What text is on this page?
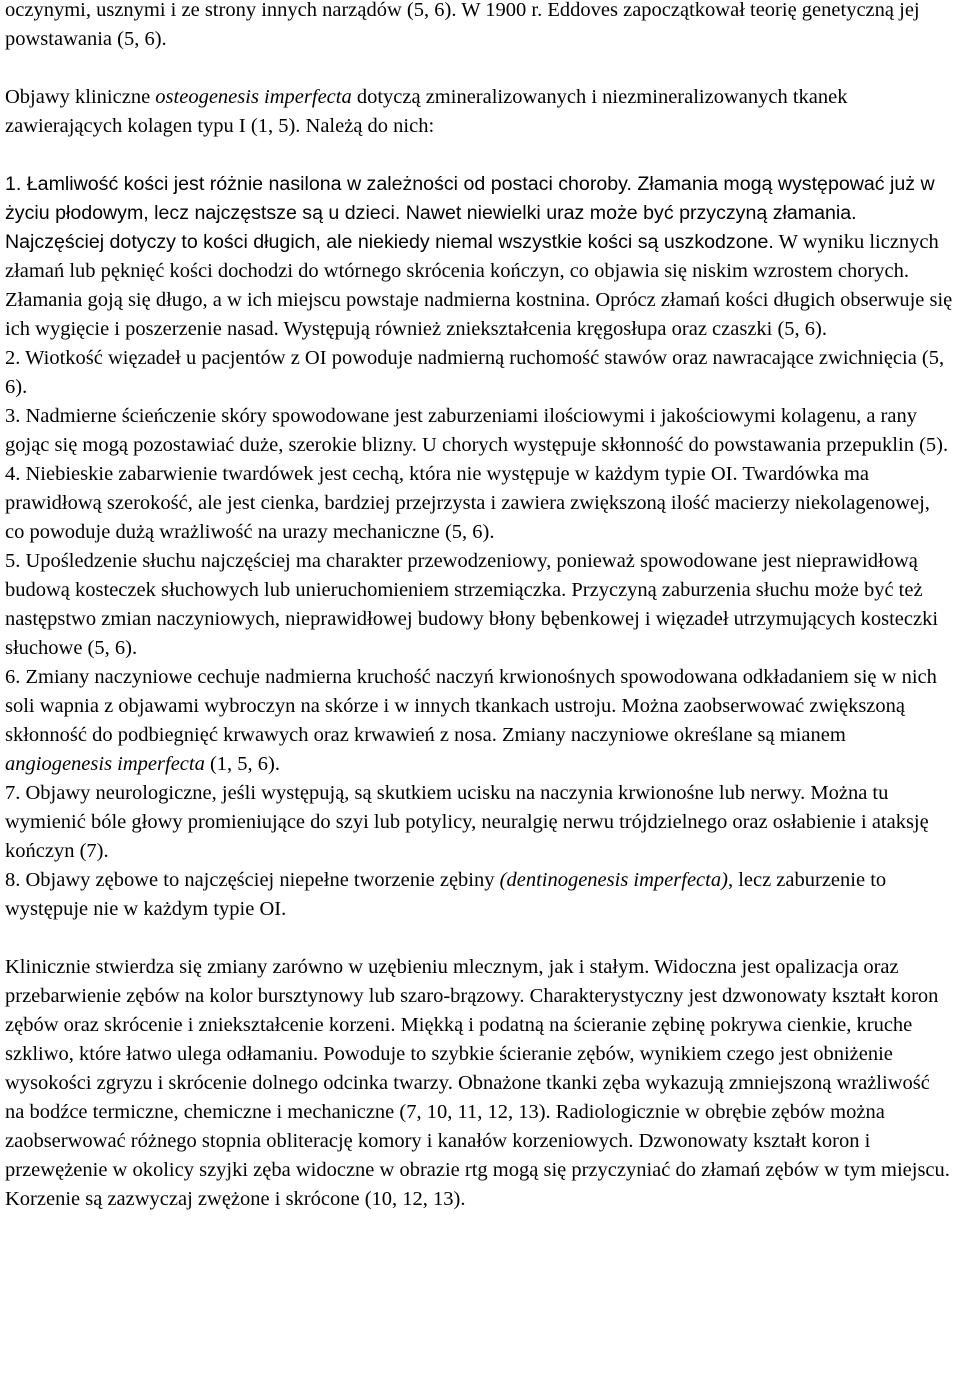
oczynymi, usznymi i ze strony innych narządów (5, 6). W 1900 r. Eddoves zapoczątkował teorię genetyczną jej powstawania (5, 6).

Objawy kliniczne osteogenesis imperfecta dotyczą zmineralizowanych i niezmineralizowanych tkanek zawierających kolagen typu I (1, 5). Należą do nich:

1. Łamliwość kości jest różnie nasilona w zależności od postaci choroby. Złamania mogą występować już w życiu płodowym, lecz najczęstsze są u dzieci. Nawet niewielki uraz może być przyczyną złamania. Najczęściej dotyczy to kości długich, ale niekiedy niemal wszystkie kości są uszkodzone. W wyniku licznych złamań lub pęknięć kości dochodzi do wtórnego skrócenia kończyn, co objawia się niskim wzrostem chorych. Złamania goją się długo, a w ich miejscu powstaje nadmierna kostnina. Oprócz złamań kości długich obserwuje się ich wygięcie i poszerzenie nasad. Występują również zniekształcenia kręgosłupa oraz czaszki (5, 6).

2. Wiotkość więzadeł u pacjentów z OI powoduje nadmierną ruchomość stawów oraz nawracające zwichnięcia (5, 6).

3. Nadmierne ścieńczenie skóry spowodowane jest zaburzeniami ilościowymi i jakościowymi kolagenu, a rany gojąc się mogą pozostawiać duże, szerokie blizny. U chorych występuje skłonność do powstawania przepuklin (5).

4. Niebieskie zabarwienie twardówek jest cechą, która nie występuje w każdym typie OI. Twardówka ma prawidłową szerokość, ale jest cienka, bardziej przejrzysta i zawiera zwiększoną ilość macierzy niekolagenowej, co powoduje dużą wrażliwość na urazy mechaniczne (5, 6).

5. Upośledzenie słuchu najczęściej ma charakter przewodzeniowy, ponieważ spowodowane jest nieprawidłową budową kosteczek słuchowych lub unieruchomieniem strzemiączka. Przyczyną zaburzenia słuchu może być też następstwo zmian naczyniowych, nieprawidłowej budowy błony bębenkowej i więzadeł utrzymujących kosteczki słuchowe (5, 6).

6. Zmiany naczyniowe cechuje nadmierna kruchość naczyń krwionośnych spowodowana odkładaniem się w nich soli wapnia z objawami wybroczyn na skórze i w innych tkankach ustroju. Można zaobserwować zwiększoną skłonność do podbiegnięć krwawych oraz krwawień z nosa. Zmiany naczyniowe określane są mianem angiogenesis imperfecta (1, 5, 6).

7. Objawy neurologiczne, jeśli występują, są skutkiem ucisku na naczynia krwionośne lub nerwy. Można tu wymienić bóle głowy promieniujące do szyi lub potylicy, neuralgię nerwu trójdzielnego oraz osłabienie i ataksję kończyn (7).

8. Objawy zębowe to najczęściej niepełne tworzenie zębiny (dentinogenesis imperfecta), lecz zaburzenie to występuje nie w każdym typie OI.

Klinicznie stwierdza się zmiany zarówno w uzębieniu mlecznym, jak i stałym. Widoczna jest opalizacja oraz przebarwienie zębów na kolor bursztynowy lub szaro-brązowy. Charakterystyczny jest dzwonowaty kształt koron zębów oraz skrócenie i zniekształcenie korzeni. Miękką i podatną na ścieranie zębinę pokrywa cienkie, kruche szkliwo, które łatwo ulega odłamaniu. Powoduje to szybkie ścieranie zębów, wynikiem czego jest obniżenie wysokości zgryzu i skrócenie dolnego odcinka twarzy. Obnażone tkanki zęba wykazują zmniejszoną wrażliwość na bodźce termiczne, chemiczne i mechaniczne (7, 10, 11, 12, 13). Radiologicznie w obrębie zębów można zaobserwować różnego stopnia obliterację komory i kanałów korzeniowych. Dzwonowaty kształt koron i przewężenie w okolicy szyjki zęba widoczne w obrazie rtg mogą się przyczyniać do złamań zębów w tym miejscu. Korzenie są zazwyczaj zwężone i skrócone (10, 12, 13).
